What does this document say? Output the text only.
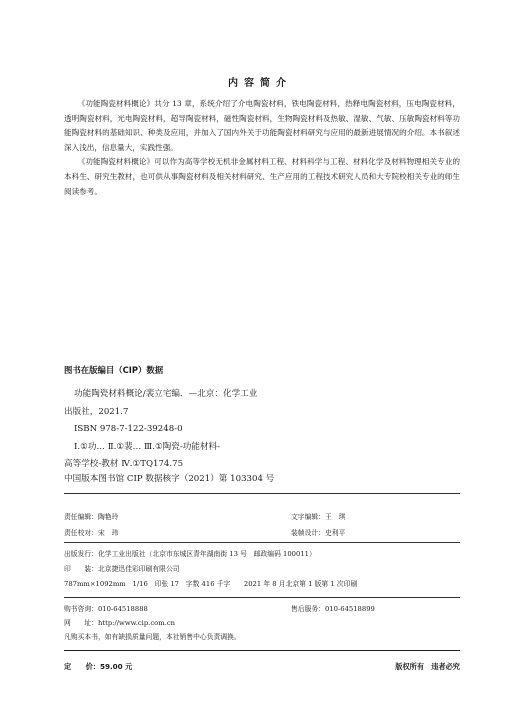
内容简介

《功能陶瓷材料概论》共分 13 章，系统介绍了介电陶瓷材料，铁电陶瓷材料，热释电陶瓷材料，压电陶瓷材料，透明陶瓷材料，光电陶瓷材料，超导陶瓷材料，磁性陶瓷材料，生物陶瓷材料及热敏、湿敏、气敏、压敏陶瓷材料等功能陶瓷材料的基础知识、种类及应用，并加入了国内外关于功能陶瓷材料研究与应用的最新进展情况的介绍。本书叙述深入浅出，信息量大，实践性强。

《功能陶瓷材料概论》可以作为高等学校无机非金属材料工程、材料科学与工程、材料化学及材料物理相关专业的本科生、研究生教材，也可供从事陶瓷材料及相关材料研究、生产应用的工程技术研究人员和大专院校相关专业的师生阅读参考。

图书在版编目（CIP）数据
功能陶瓷材料概论/裴立宅编．—北京：化学工业
出版社，2021.7
ISBN 978-7-122-39248-0
Ⅰ.①功… Ⅱ.①裴… Ⅲ.①陶瓷-功能材料-
高等学校-教材 Ⅳ.①TQ174.75
中国版本图书馆 CIP 数据核字（2021）第 103304 号
责任编辑：陶艳玲	文字编辑：王　琪
责任校对：宋　玮	装帧设计：史利平
出版发行：化学工业出版社（北京市东城区青年湖南街 13 号　邮政编码 100011）
印　　装：北京捷迅佳彩印刷有限公司
787mm×1092mm　1/16　印张 17　字数 416 千字　　2021 年 8 月北京第 1 版第 1 次印刷
购书咨询：010-64518888	售后服务：010-64518899
网　　址：http://www.cip.com.cn
凡购买本书，如有缺损质量问题，本社销售中心负责调换。
定　　价：59.00 元	版权所有　违者必究
